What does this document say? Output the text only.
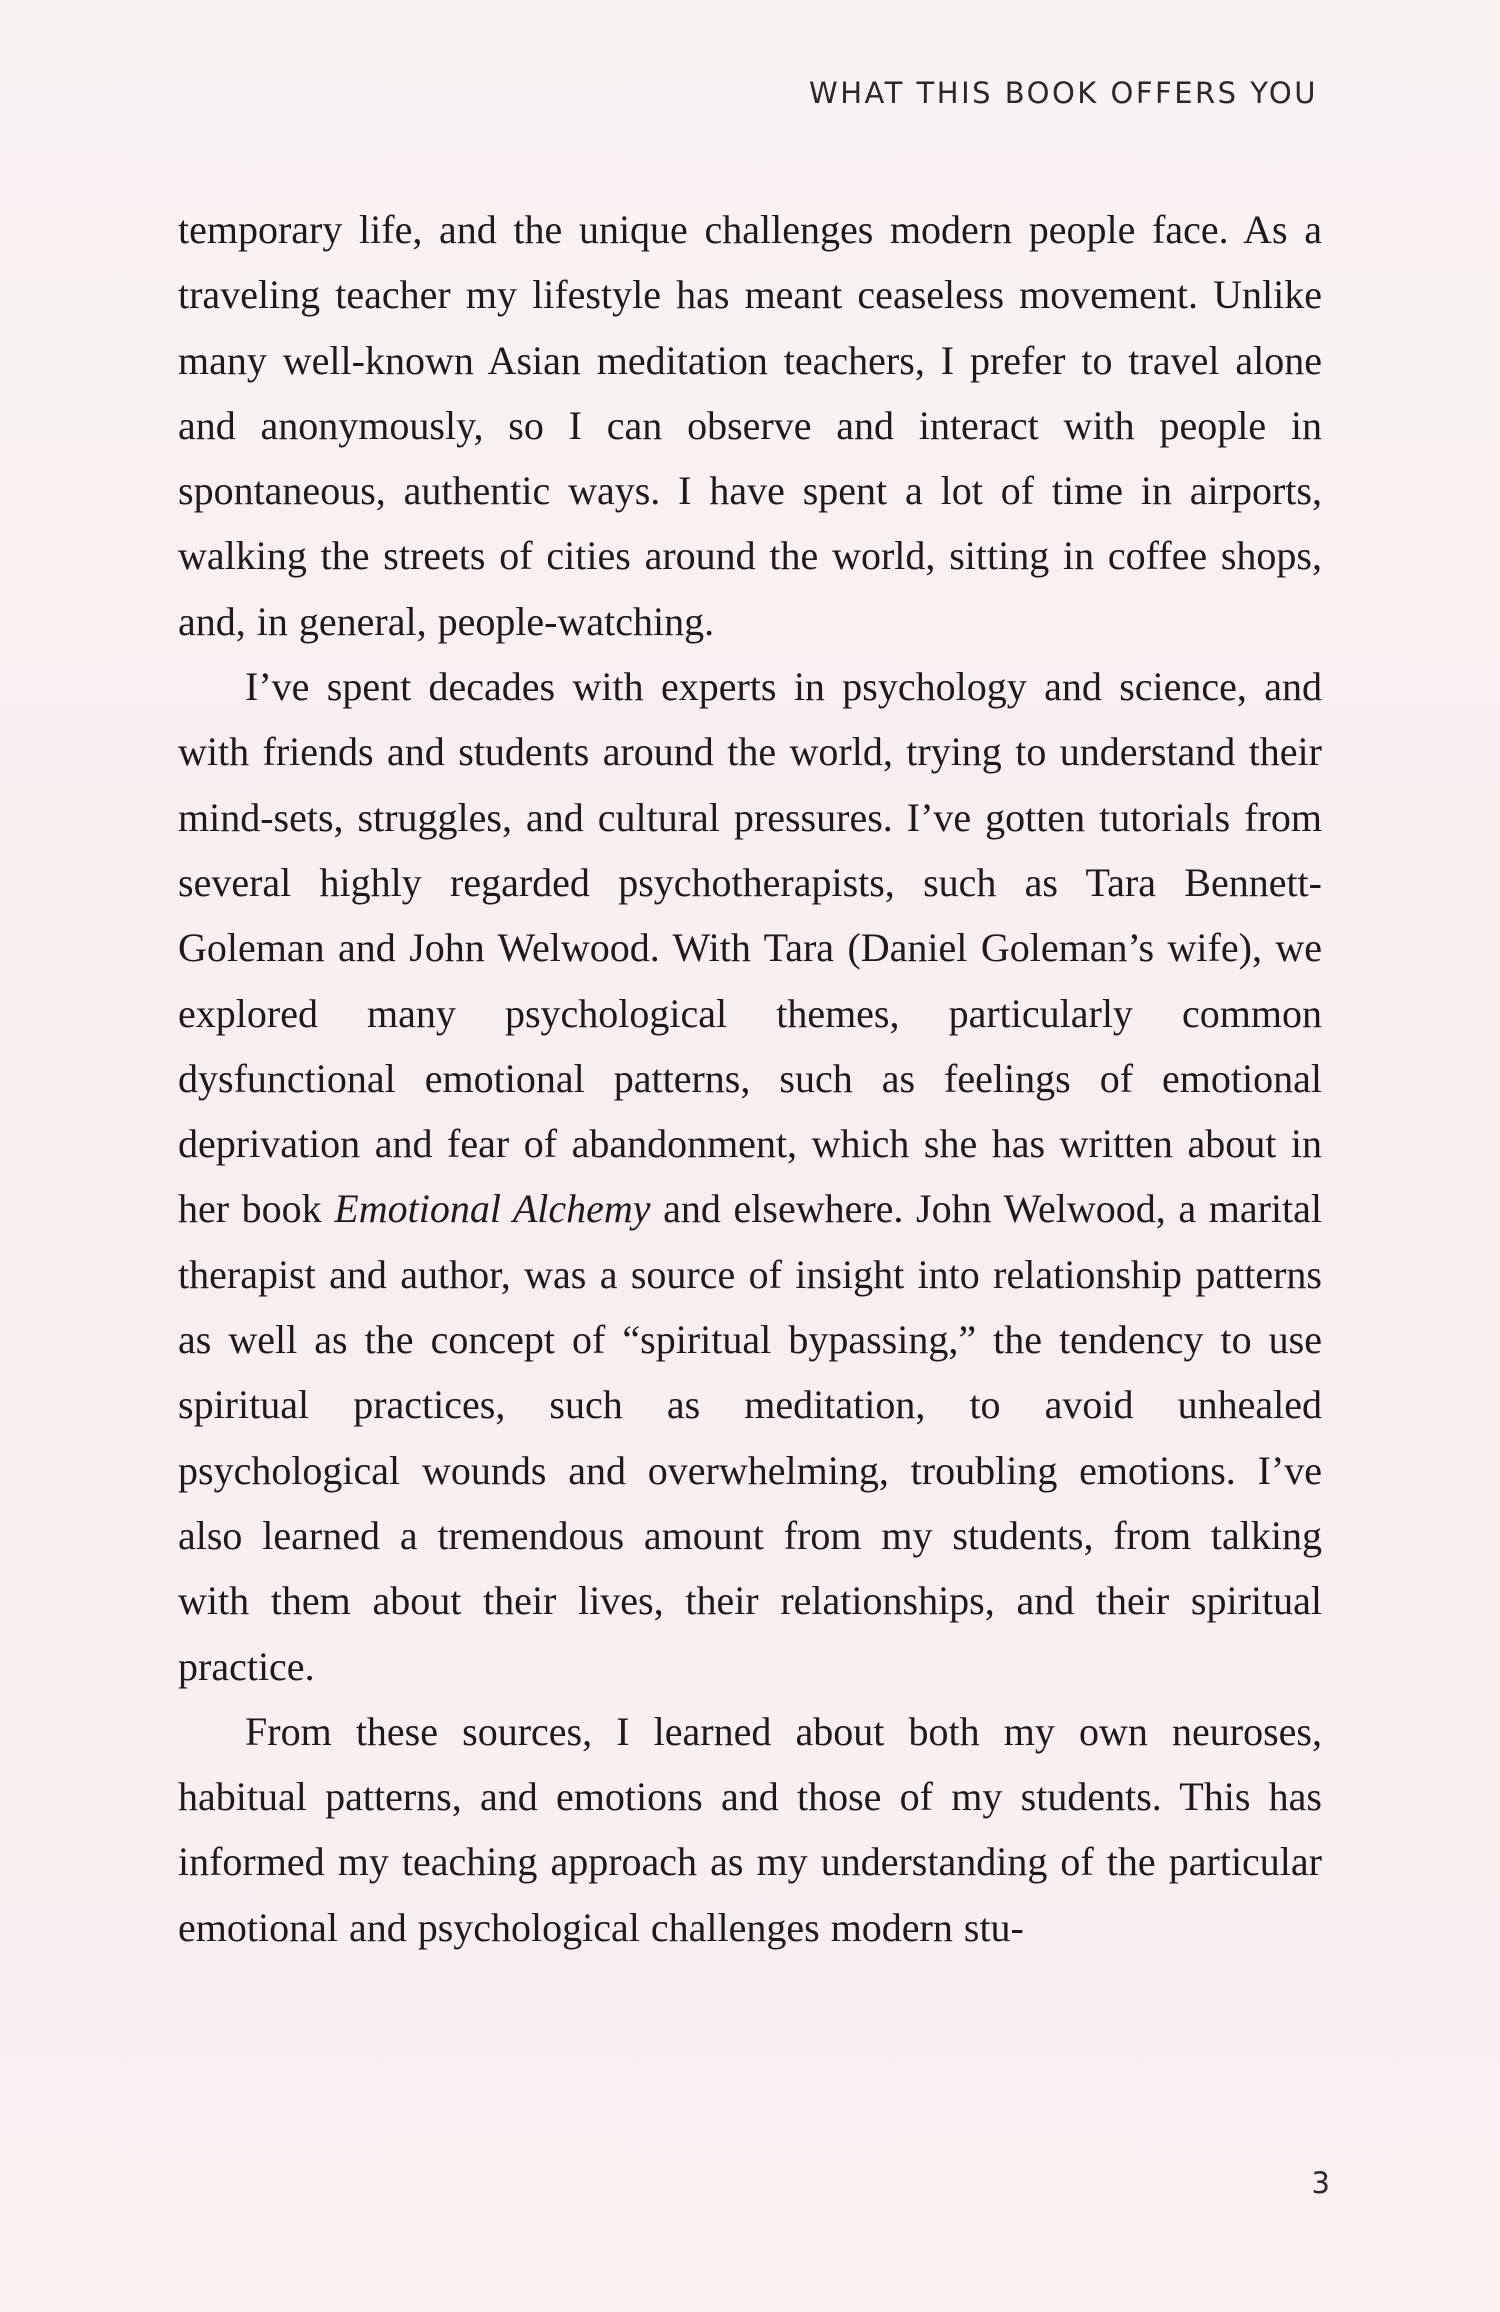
WHAT THIS BOOK OFFERS YOU

temporary life, and the unique challenges modern people face. As a traveling teacher my lifestyle has meant ceaseless movement. Unlike many well-known Asian meditation teachers, I prefer to travel alone and anonymously, so I can observe and interact with people in spontaneous, authentic ways. I have spent a lot of time in airports, walking the streets of cities around the world, sitting in coffee shops, and, in general, people-watching.

I’ve spent decades with experts in psychology and science, and with friends and students around the world, trying to understand their mind-sets, struggles, and cultural pressures. I’ve gotten tutorials from several highly regarded psychotherapists, such as Tara Bennett-Goleman and John Welwood. With Tara (Daniel Goleman’s wife), we explored many psychological themes, particularly common dysfunctional emotional patterns, such as feelings of emotional deprivation and fear of abandonment, which she has written about in her book Emotional Alchemy and elsewhere. John Welwood, a marital therapist and author, was a source of insight into relationship patterns as well as the concept of “spiritual bypassing,” the tendency to use spiritual practices, such as meditation, to avoid unhealed psychological wounds and overwhelming, troubling emotions. I’ve also learned a tremendous amount from my students, from talking with them about their lives, their relationships, and their spiritual practice.

From these sources, I learned about both my own neuroses, habitual patterns, and emotions and those of my students. This has informed my teaching approach as my understanding of the particular emotional and psychological challenges modern stu-

3
